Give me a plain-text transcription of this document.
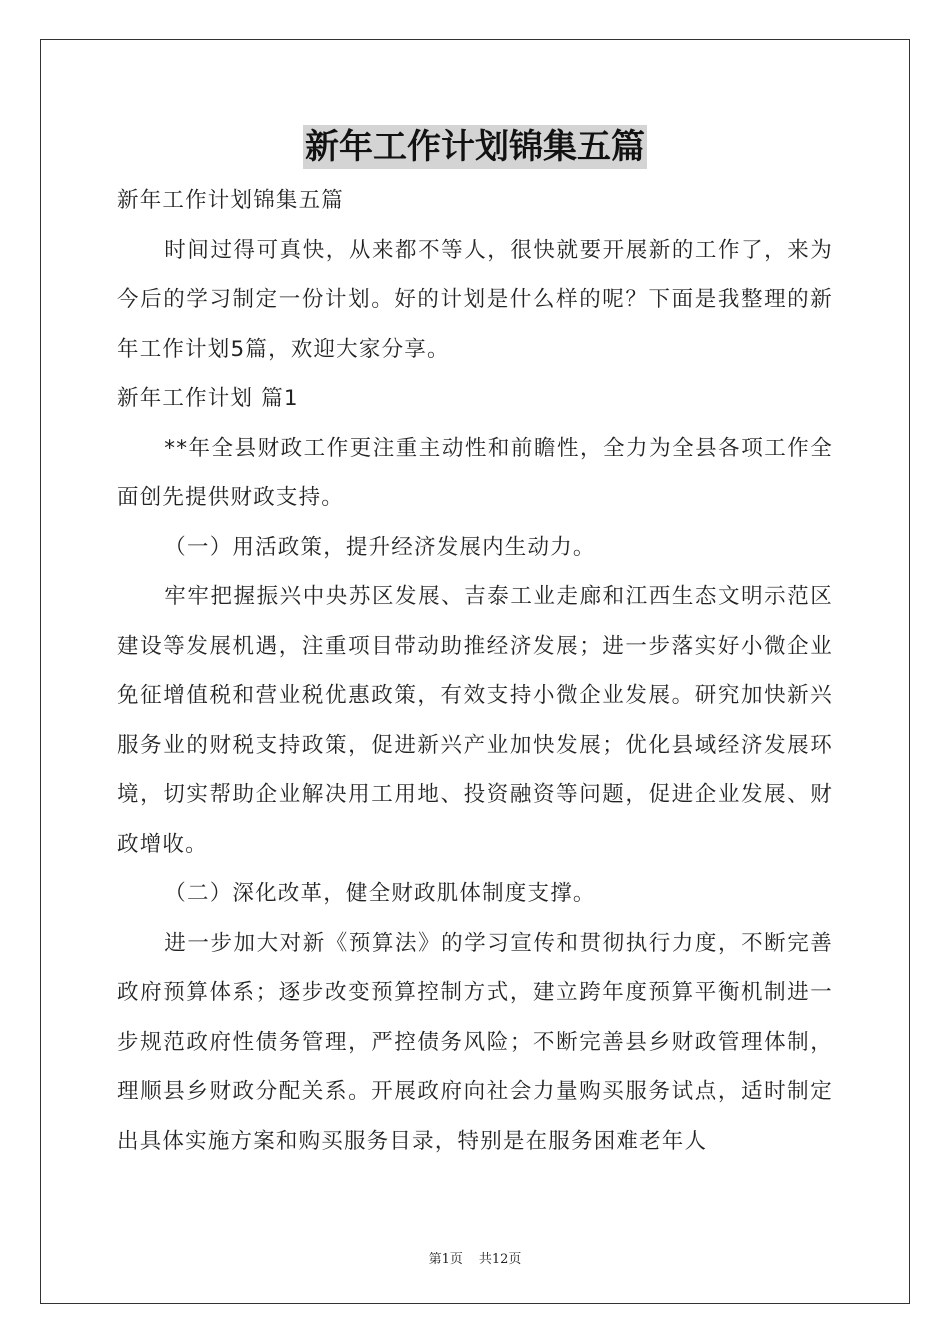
新年工作计划锦集五篇

新年工作计划锦集五篇

时间过得可真快，从来都不等人，很快就要开展新的工作了，来为今后的学习制定一份计划。好的计划是什么样的呢？下面是我整理的新年工作计划5篇，欢迎大家分享。

新年工作计划 篇1

**年全县财政工作更注重主动性和前瞻性，全力为全县各项工作全面创先提供财政支持。

（一）用活政策，提升经济发展内生动力。

牢牢把握振兴中央苏区发展、吉泰工业走廊和江西生态文明示范区建设等发展机遇，注重项目带动助推经济发展；进一步落实好小微企业免征增值税和营业税优惠政策，有效支持小微企业发展。研究加快新兴服务业的财税支持政策，促进新兴产业加快发展；优化县域经济发展环境，切实帮助企业解决用工用地、投资融资等问题，促进企业发展、财政增收。

（二）深化改革，健全财政肌体制度支撑。

进一步加大对新《预算法》的学习宣传和贯彻执行力度，不断完善政府预算体系；逐步改变预算控制方式，建立跨年度预算平衡机制进一步规范政府性债务管理，严控债务风险；不断完善县乡财政管理体制，理顺县乡财政分配关系。开展政府向社会力量购买服务试点，适时制定出具体实施方案和购买服务目录，特别是在服务困难老年人

第1页 共12页
